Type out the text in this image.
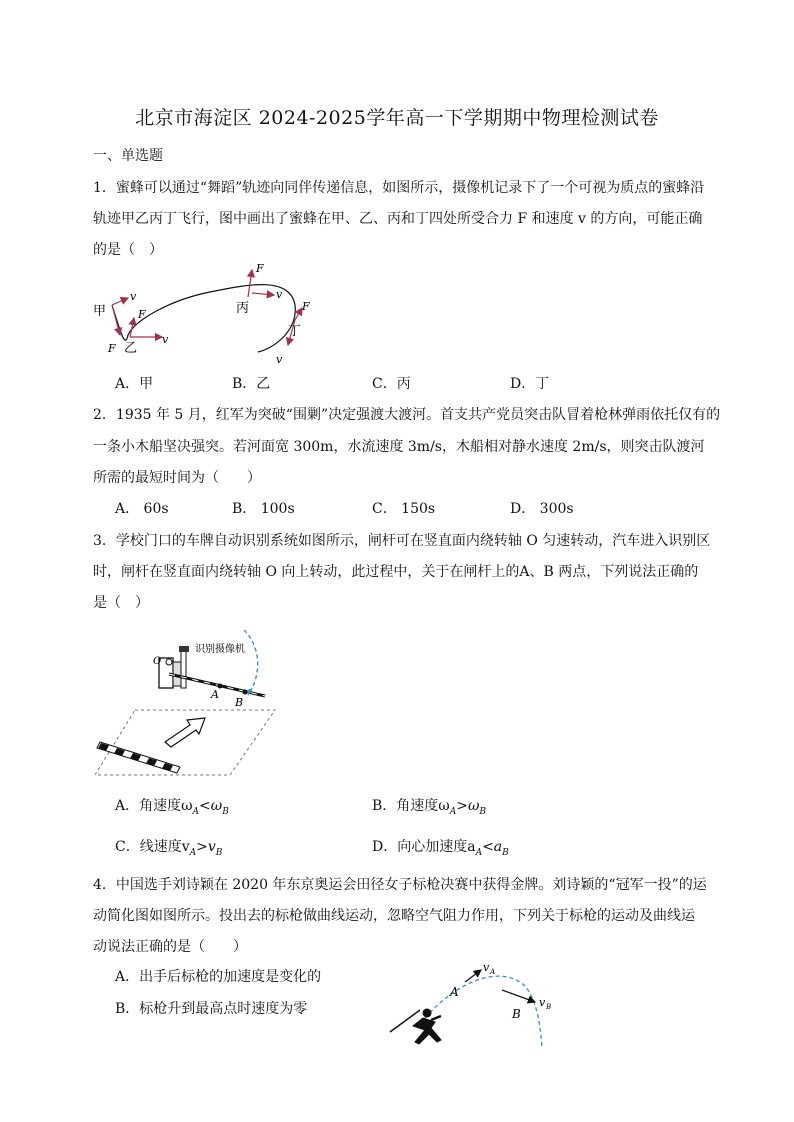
北京市海淀区 2024-2025学年高一下学期期中物理检测试卷
一、单选题
1．蜜蜂可以通过“舞蹈”轨迹向同伴传递信息，如图所示，摄像机记录下了一个可视为质点的蜜蜂沿
轨迹甲乙丙丁飞行，图中画出了蜜蜂在甲、乙、丙和丁四处所受合力 F 和速度 v 的方向，可能正确
的是（　）
甲
v
F 乙
F
v
丙
F
v
丁
F
v
A．甲	B．乙	C．丙	D．丁
2．1935 年 5 月，红军为突破“围剿”决定强渡大渡河。首支共产党员突击队冒着枪林弹雨依托仅有的
一条小木船坚决强突。若河面宽 300m，水流速度 3m/s，木船相对静水速度 2m/s，则突击队渡河
所需的最短时间为（　　）
A． 60s	B． 100s	C． 150s	D． 300s
3．学校门口的车牌自动识别系统如图所示，闸杆可在竖直面内绕转轴 O 匀速转动，汽车进入识别区
时，闸杆在竖直面内绕转轴 O 向上转动，此过程中，关于在闸杆上的A、B 两点，下列说法正确的
是（　）
识别摄像机
O
A
B
A．角速度$\omega_A<\omega_B$	B．角速度$\omega_A>\omega_B$
C．线速度$v_A>v_B$	D．向心加速度$a_A<a_B$
4．中国选手刘诗颖在 2020 年东京奥运会田径女子标枪决赛中获得金牌。刘诗颖的“冠军一投”的运
动简化图如图所示。投出去的标枪做曲线运动，忽略空气阻力作用，下列关于标枪的运动及曲线运
动说法正确的是（　　）
A．出手后标枪的加速度是变化的
B．标枪升到最高点时速度为零
A
B
v A
v B
